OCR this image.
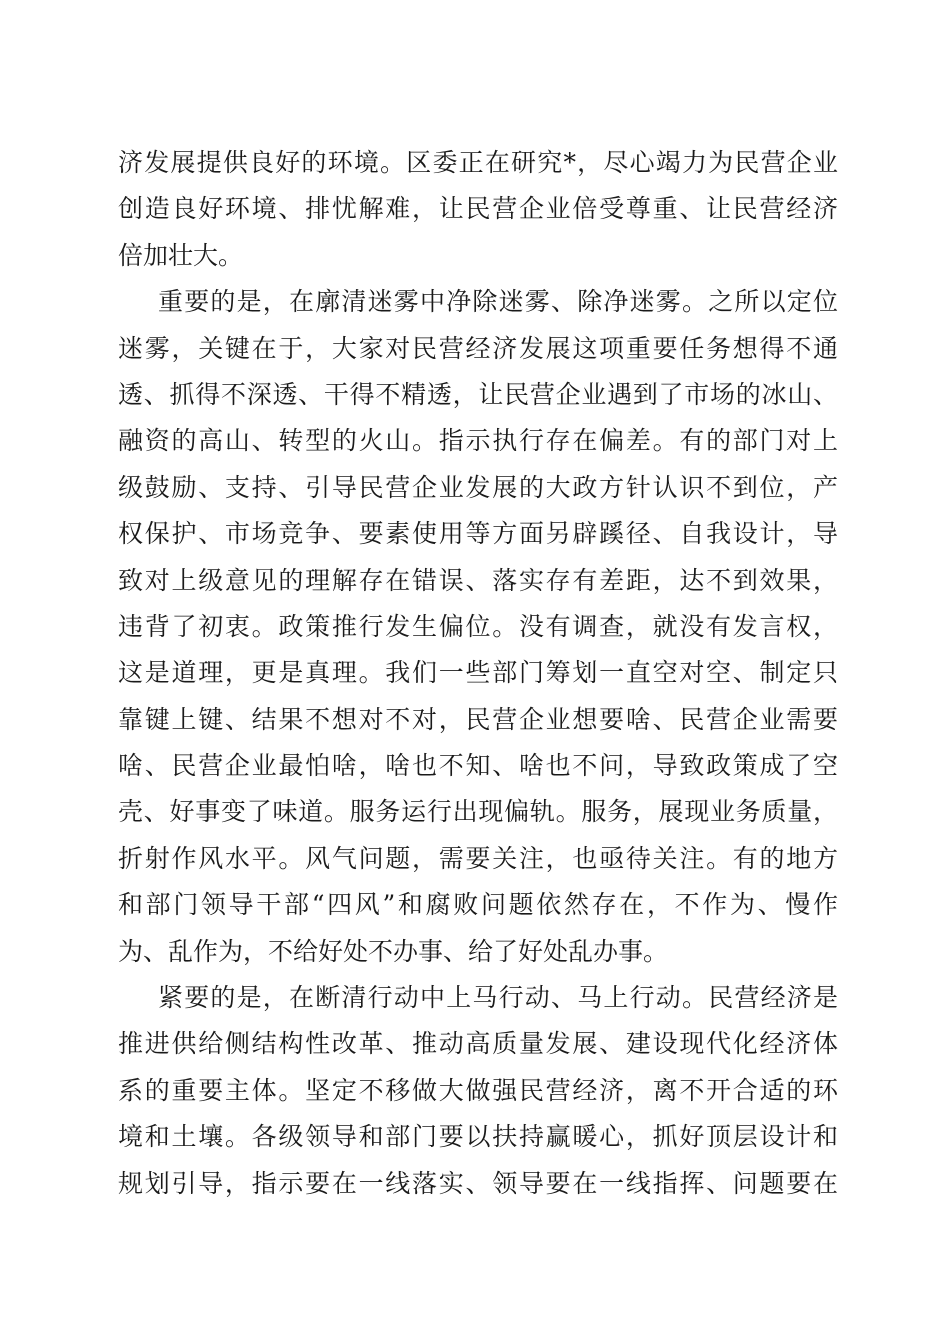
济发展提供良好的环境。区委正在研究*，尽心竭力为民营企业
创造良好环境、排忧解难，让民营企业倍受尊重、让民营经济
倍加壮大。
重要的是，在廓清迷雾中净除迷雾、除净迷雾。之所以定位
迷雾，关键在于，大家对民营经济发展这项重要任务想得不通
透、抓得不深透、干得不精透，让民营企业遇到了市场的冰山、
融资的高山、转型的火山。指示执行存在偏差。有的部门对上
级鼓励、支持、引导民营企业发展的大政方针认识不到位，产
权保护、市场竞争、要素使用等方面另辟蹊径、自我设计，导
致对上级意见的理解存在错误、落实存有差距，达不到效果，
违背了初衷。政策推行发生偏位。没有调查，就没有发言权，
这是道理，更是真理。我们一些部门筹划一直空对空、制定只
靠键上键、结果不想对不对，民营企业想要啥、民营企业需要
啥、民营企业最怕啥，啥也不知、啥也不问，导致政策成了空
壳、好事变了味道。服务运行出现偏轨。服务，展现业务质量，
折射作风水平。风气问题，需要关注，也亟待关注。有的地方
和部门领导干部“四风”和腐败问题依然存在，不作为、慢作
为、乱作为，不给好处不办事、给了好处乱办事。
紧要的是，在断清行动中上马行动、马上行动。民营经济是
推进供给侧结构性改革、推动高质量发展、建设现代化经济体
系的重要主体。坚定不移做大做强民营经济，离不开合适的环
境和土壤。各级领导和部门要以扶持赢暖心，抓好顶层设计和
规划引导，指示要在一线落实、领导要在一线指挥、问题要在
